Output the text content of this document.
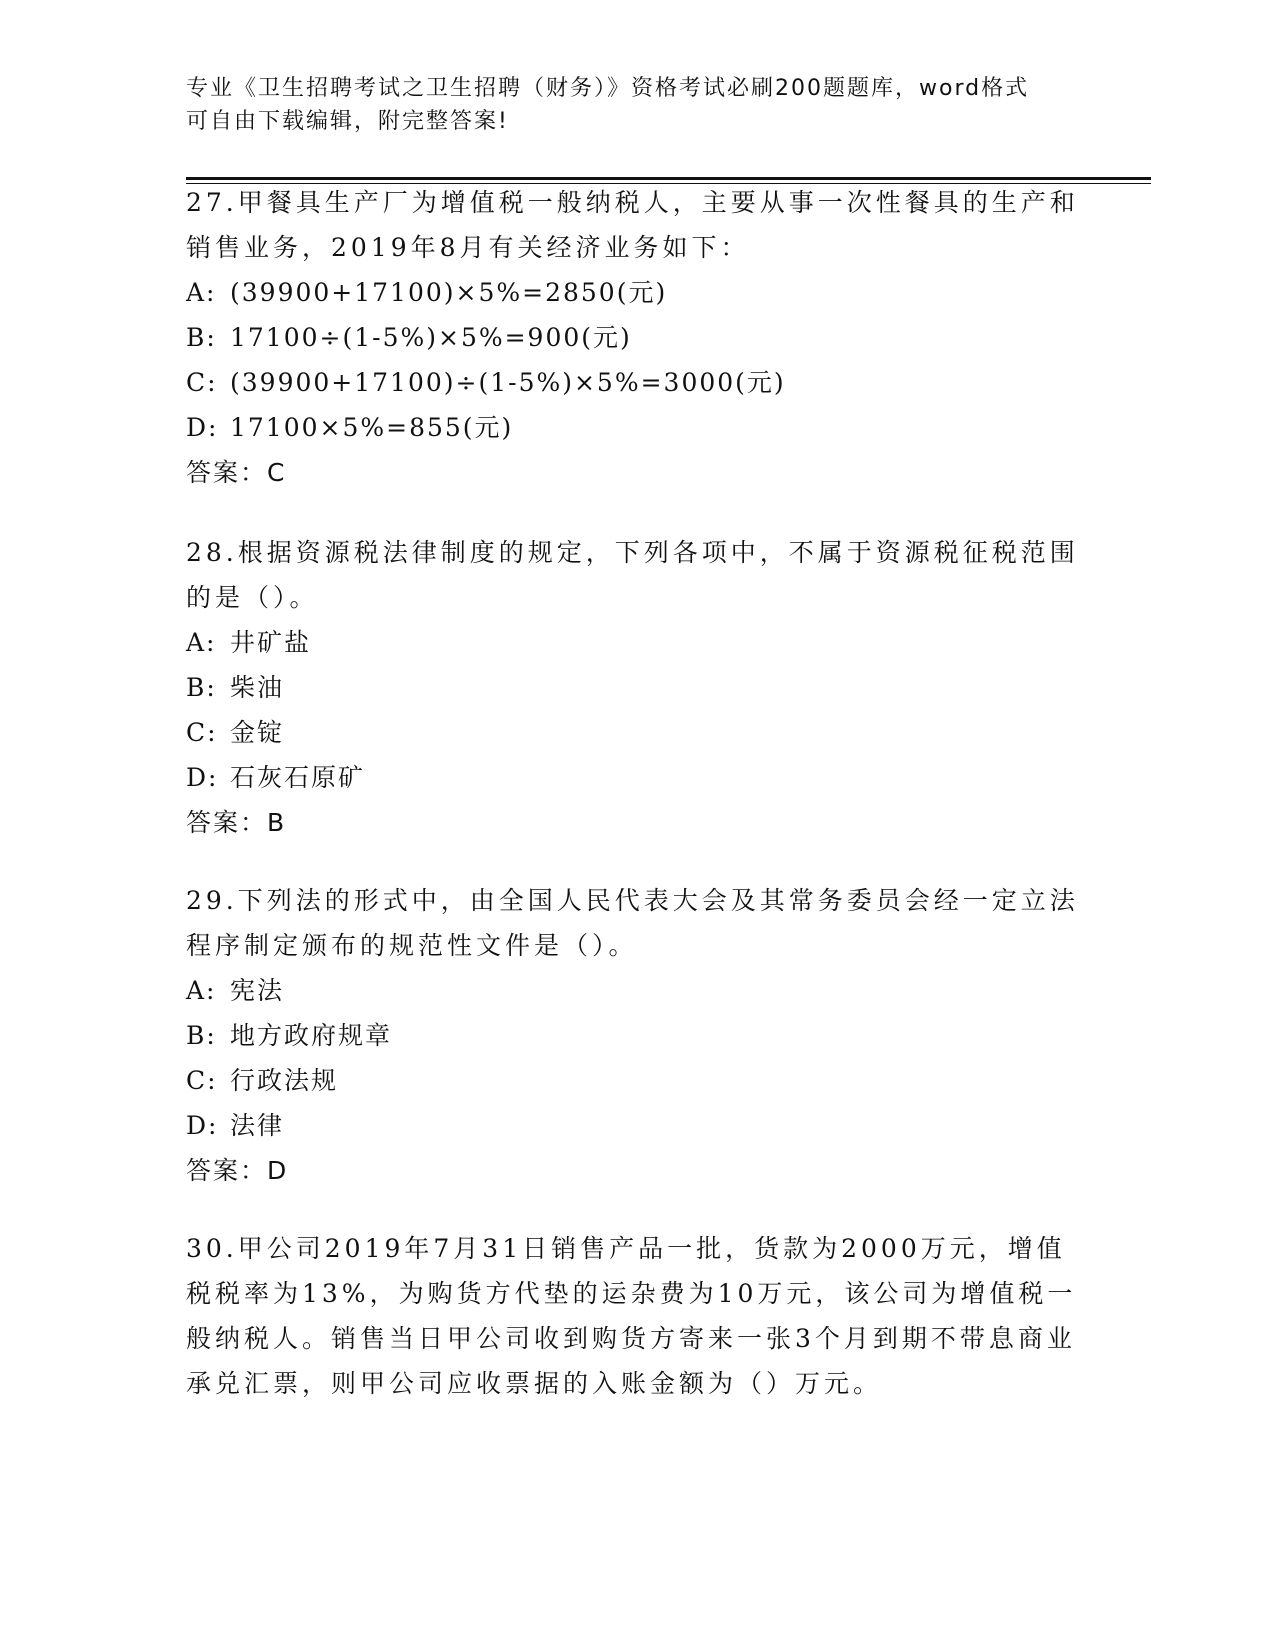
专业《卫生招聘考试之卫生招聘（财务）》资格考试必刷200题题库，word格式
可自由下载编辑，附完整答案!
27.甲餐具生产厂为增值税一般纳税人，主要从事一次性餐具的生产和销售业务，2019年8月有关经济业务如下：
A: (39900+17100)×5%=2850(元)
B: 17100÷(1-5%)×5%=900(元)
C: (39900+17100)÷(1-5%)×5%=3000(元)
D: 17100×5%=855(元)
答案：C
28.根据资源税法律制度的规定，下列各项中，不属于资源税征税范围的是（）。
A: 井矿盐
B: 柴油
C: 金锭
D: 石灰石原矿
答案：B
29.下列法的形式中，由全国人民代表大会及其常务委员会经一定立法程序制定颁布的规范性文件是（）。
A: 宪法
B: 地方政府规章
C: 行政法规
D: 法律
答案：D
30.甲公司2019年7月31日销售产品一批，货款为2000万元，增值税税率为13%，为购货方代垫的运杂费为10万元，该公司为增值税一般纳税人。销售当日甲公司收到购货方寄来一张3个月到期不带息商业承兑汇票，则甲公司应收票据的入账金额为（）万元。
